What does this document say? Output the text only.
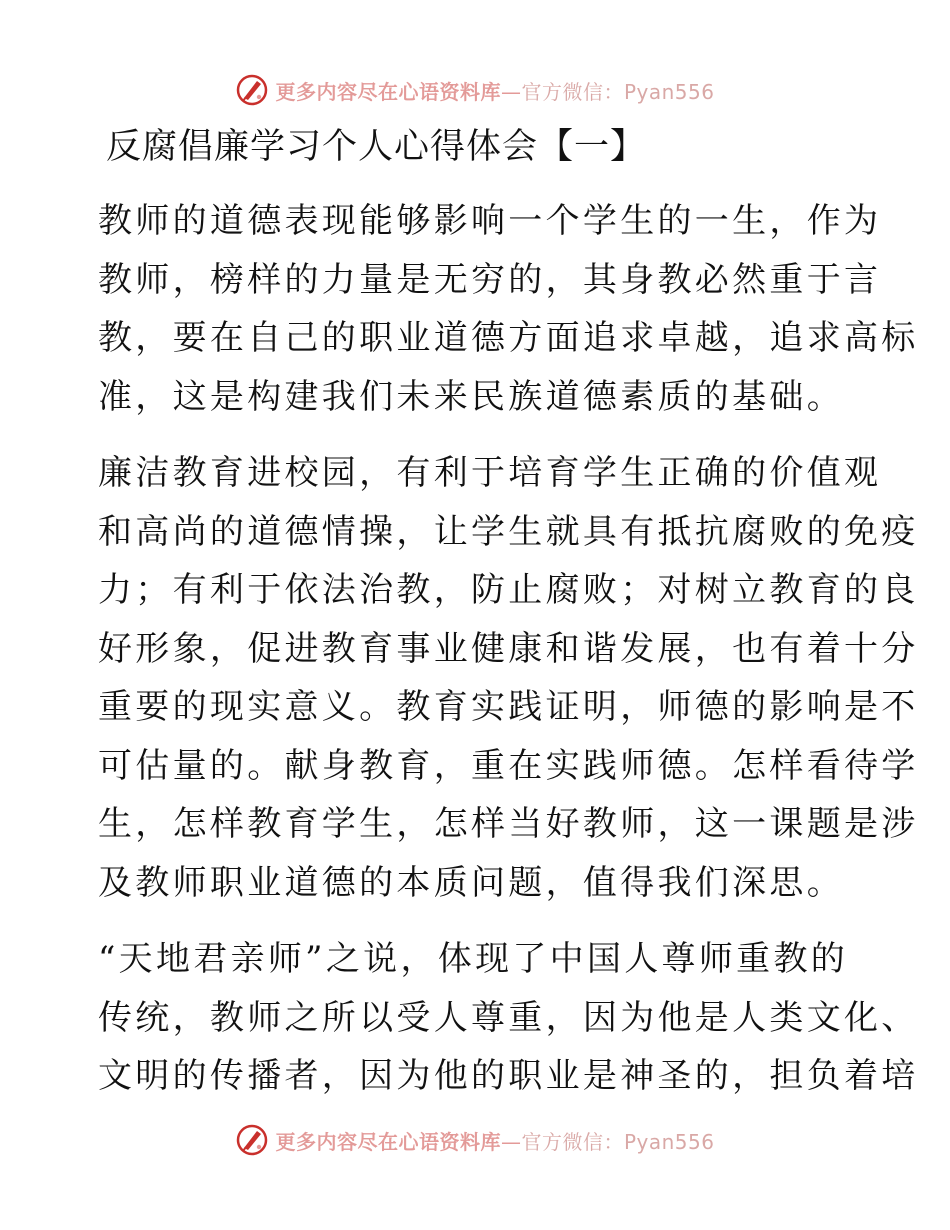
更多内容尽在心语资料库—官方微信：Pyan556
反腐倡廉学习个人心得体会【一】

教师的道德表现能够影响一个学生的一生，作为
教师，榜样的力量是无穷的，其身教必然重于言
教，要在自己的职业道德方面追求卓越，追求高标
准，这是构建我们未来民族道德素质的基础。

廉洁教育进校园，有利于培育学生正确的价值观
和高尚的道德情操，让学生就具有抵抗腐败的免疫
力；有利于依法治教，防止腐败；对树立教育的良
好形象，促进教育事业健康和谐发展，也有着十分
重要的现实意义。教育实践证明，师德的影响是不
可估量的。献身教育，重在实践师德。怎样看待学
生，怎样教育学生，怎样当好教师，这一课题是涉
及教师职业道德的本质问题，值得我们深思。

“天地君亲师”之说，体现了中国人尊师重教的
传统，教师之所以受人尊重，因为他是人类文化、
文明的传播者，因为他的职业是神圣的，担负着培

更多内容尽在心语资料库—官方微信：Pyan556
